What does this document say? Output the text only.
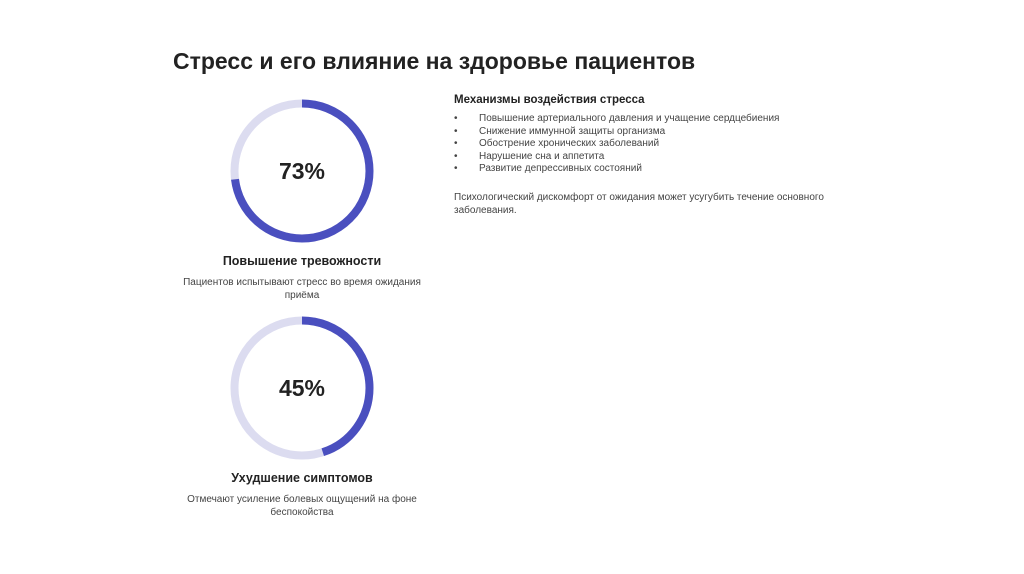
Стресс и его влияние на здоровье пациентов
73%
Повышение тревожности
Пациентов испытывают стресс во время ожидания приёма
45%
Ухудшение симптомов
Отмечают усиление болевых ощущений на фоне беспокойства
Механизмы воздействия стресса
• Повышение артериального давления и учащение сердцебиения
• Снижение иммунной защиты организма
• Обострение хронических заболеваний
• Нарушение сна и аппетита
• Развитие депрессивных состояний
Психологический дискомфорт от ожидания может усугубить течение основного заболевания.
